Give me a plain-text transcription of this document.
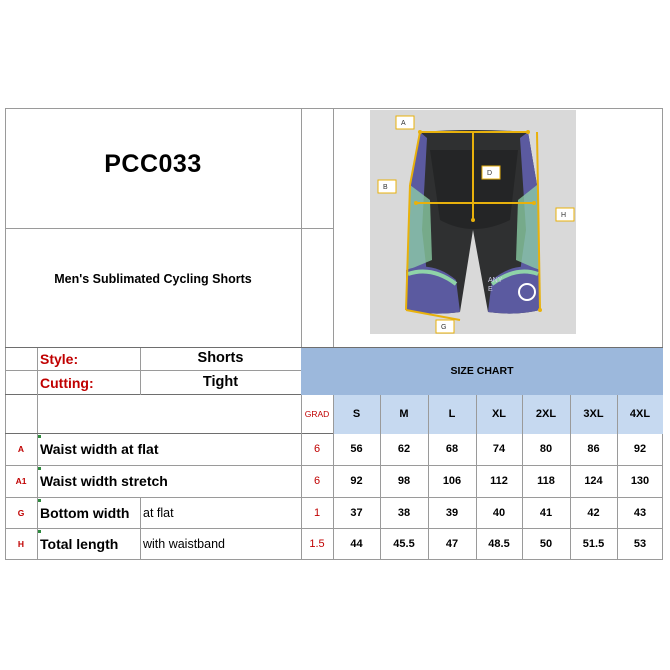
PCC033
Men's Sublimated Cycling Shorts	ANY
E
A
B
D
H
G
Style:	Shorts
Cutting:	Tight
SIZE CHART
GRAD	S	M	L	XL	2XL	3XL	4XL
A	Waist width at flat	6	56	62	68	74	80	86	92
A1 Waist width stretch	6	92	98	106	112	118	124	130
G	Bottom width at flat	1	37	38	39	40	41	42	43
H	Total length with waistband	1.5	44	45.5	47	48.5	50	51.5	53
